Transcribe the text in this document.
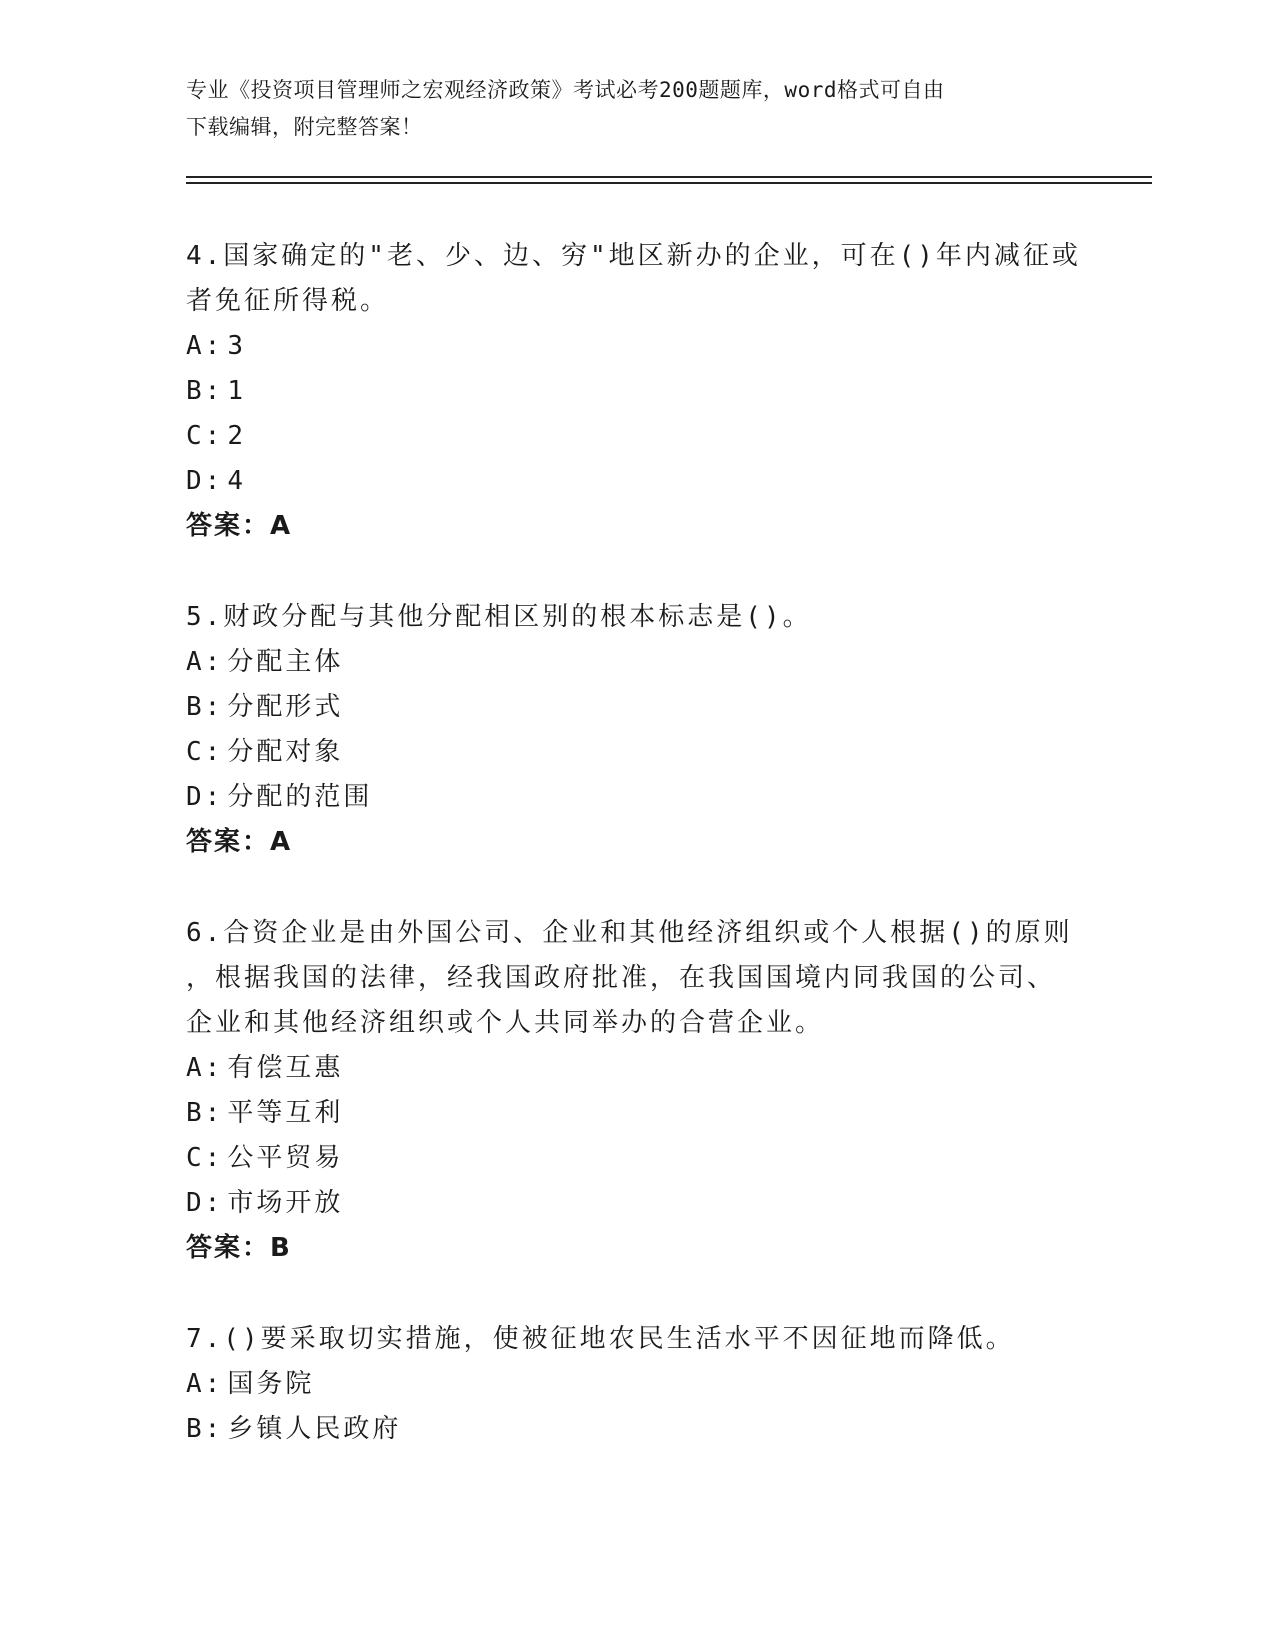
专业《投资项目管理师之宏观经济政策》考试必考200题题库，word格式可自由
下载编辑，附完整答案！
4.国家确定的"老、少、边、穷"地区新办的企业，可在()年内减征或
者免征所得税。
A: 3
B: 1
C: 2
D: 4
答案：A
5.财政分配与其他分配相区别的根本标志是()。
A: 分配主体
B: 分配形式
C: 分配对象
D: 分配的范围
答案：A
6.合资企业是由外国公司、企业和其他经济组织或个人根据()的原则
，根据我国的法律，经我国政府批准，在我国国境内同我国的公司、
企业和其他经济组织或个人共同举办的合营企业。
A: 有偿互惠
B: 平等互利
C: 公平贸易
D: 市场开放
答案：B
7.()要采取切实措施，使被征地农民生活水平不因征地而降低。
A: 国务院
B: 乡镇人民政府
